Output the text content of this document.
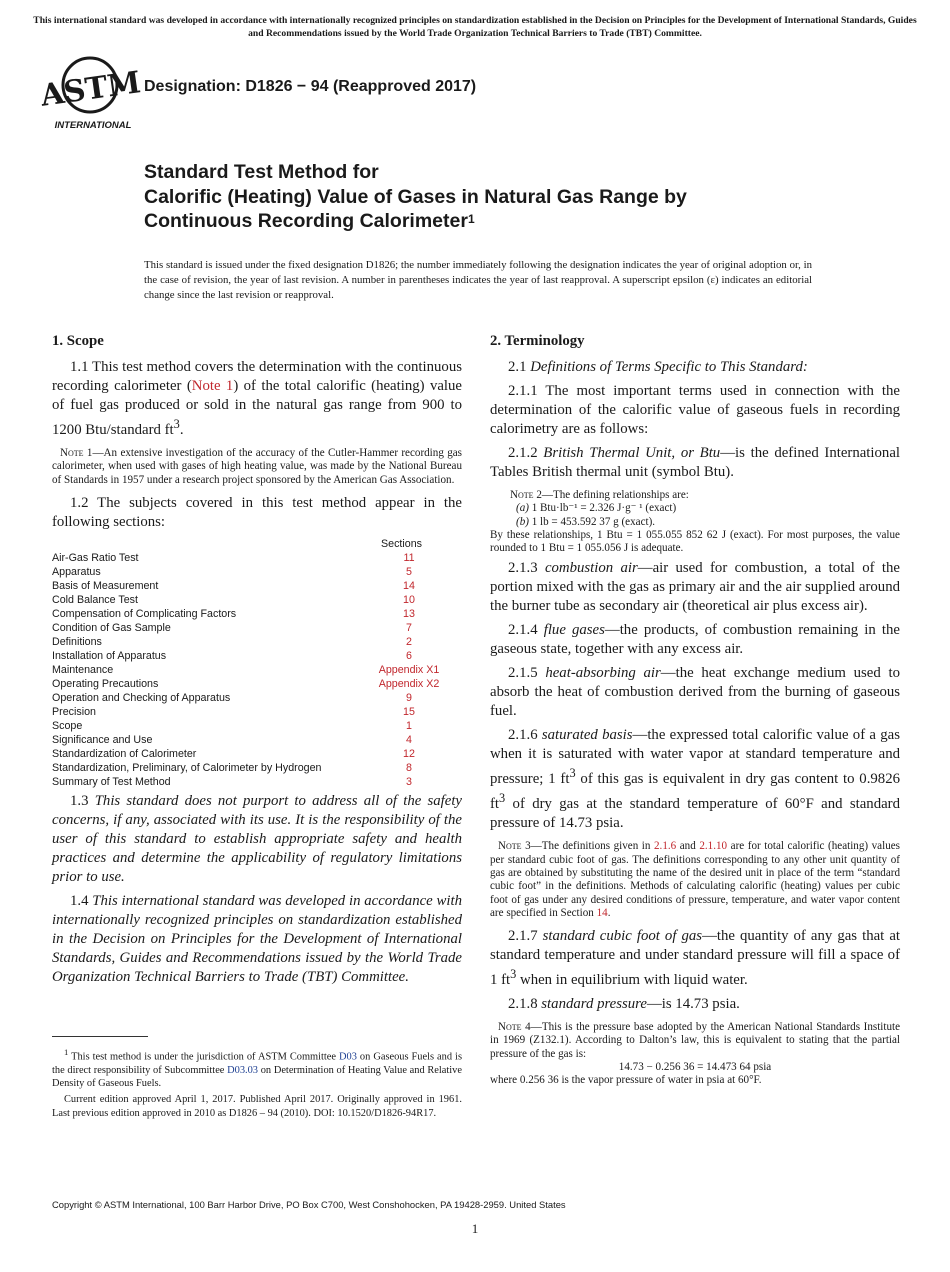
This international standard was developed in accordance with internationally recognized principles on standardization established in the Decision on Principles for the Development of International Standards, Guides and Recommendations issued by the World Trade Organization Technical Barriers to Trade (TBT) Committee.
ASTM
INTERNATIONAL
Designation: D1826 − 94 (Reapproved 2017)
Standard Test Method for
Calorific (Heating) Value of Gases in Natural Gas Range by
Continuous Recording Calorimeter$^1$
This standard is issued under the fixed designation D1826; the number immediately following the designation indicates the year of original adoption or, in the case of revision, the year of last revision. A number in parentheses indicates the year of last reapproval. A superscript epsilon (ε) indicates an editorial change since the last revision or reapproval.
1. Scope

1.1 This test method covers the determination with the continuous recording calorimeter (Note 1) of the total calorific (heating) value of fuel gas produced or sold in the natural gas range from 900 to 1200 Btu/standard $ft^3$.

Note 1—An extensive investigation of the accuracy of the Cutler-Hammer recording gas calorimeter, when used with gases of high heating value, was made by the National Bureau of Standards in 1957 under a research project sponsored by the American Gas Association.

1.2 The subjects covered in this test method appear in the following sections:

Sections
Air-Gas Ratio Test	11
Apparatus	5
Basis of Measurement	14
Cold Balance Test	10
Compensation of Complicating Factors	13
Condition of Gas Sample	7
Definitions	2
Installation of Apparatus	6
Maintenance	Appendix X1
Operating Precautions	Appendix X2
Operation and Checking of Apparatus	9
Precision	15
Scope	1
Significance and Use	4
Standardization of Calorimeter	12
Standardization, Preliminary, of Calorimeter by Hydrogen	8
Summary of Test Method	3

1.3 This standard does not purport to address all of the safety concerns, if any, associated with its use. It is the responsibility of the user of this standard to establish appropriate safety and health practices and determine the applicability of regulatory limitations prior to use.

1.4 This international standard was developed in accordance with internationally recognized principles on standardization established in the Decision on Principles for the Development of International Standards, Guides and Recommendations issued by the World Trade Organization Technical Barriers to Trade (TBT) Committee.

$^1$ This test method is under the jurisdiction of ASTM Committee D03 on Gaseous Fuels and is the direct responsibility of Subcommittee D03.03 on Determination of Heating Value and Relative Density of Gaseous Fuels.

Current edition approved April 1, 2017. Published April 2017. Originally approved in 1961. Last previous edition approved in 2010 as D1826 – 94 (2010). DOI: 10.1520/D1826-94R17.

2. Terminology

2.1 Definitions of Terms Specific to This Standard:

2.1.1 The most important terms used in connection with the determination of the calorific value of gaseous fuels in recording calorimetry are as follows:

2.1.2 British Thermal Unit, or Btu—is the defined International Tables British thermal unit (symbol Btu).

Note 2—The defining relationships are:
(a) 1 Btu·lb⁻¹ = 2.326 J·g⁻ ¹ (exact)
(b) 1 lb = 453.592 37 g (exact).
By these relationships, 1 Btu = 1 055.055 852 62 J (exact). For most purposes, the value rounded to 1 Btu = 1 055.056 J is adequate.

2.1.3 combustion air—air used for combustion, a total of the portion mixed with the gas as primary air and the air supplied around the burner tube as secondary air (theoretical air plus excess air).

2.1.4 flue gases—the products, of combustion remaining in the gaseous state, together with any excess air.

2.1.5 heat-absorbing air—the heat exchange medium used to absorb the heat of combustion derived from the burning of gaseous fuel.

2.1.6 saturated basis—the expressed total calorific value of a gas when it is saturated with water vapor at standard temperature and pressure; 1 $ft^3$ of this gas is equivalent in dry gas content to 0.9826 $ft^3$ of dry gas at the standard temperature of 60°F and standard pressure of 14.73 psia.

Note 3—The definitions given in 2.1.6 and 2.1.10 are for total calorific (heating) values per standard cubic foot of gas. The definitions corresponding to any other unit quantity of gas are obtained by substituting the name of the desired unit in place of the term “standard cubic foot” in the definitions. Methods of calculating calorific (heating) values per cubic foot of gas under any desired conditions of pressure, temperature, and water vapor content are specified in Section 14.

2.1.7 standard cubic foot of gas—the quantity of any gas that at standard temperature and under standard pressure will fill a space of 1 $ft^3$ when in equilibrium with liquid water.

2.1.8 standard pressure—is 14.73 psia.

Note 4—This is the pressure base adopted by the American National Standards Institute in 1969 (Z132.1). According to Dalton’s law, this is equivalent to stating that the partial pressure of the gas is:
14.73 − 0.256 36 = 14.473 64 psia
where 0.256 36 is the vapor pressure of water in psia at 60°F.
Copyright © ASTM International, 100 Barr Harbor Drive, PO Box C700, West Conshohocken, PA 19428-2959. United States
1
